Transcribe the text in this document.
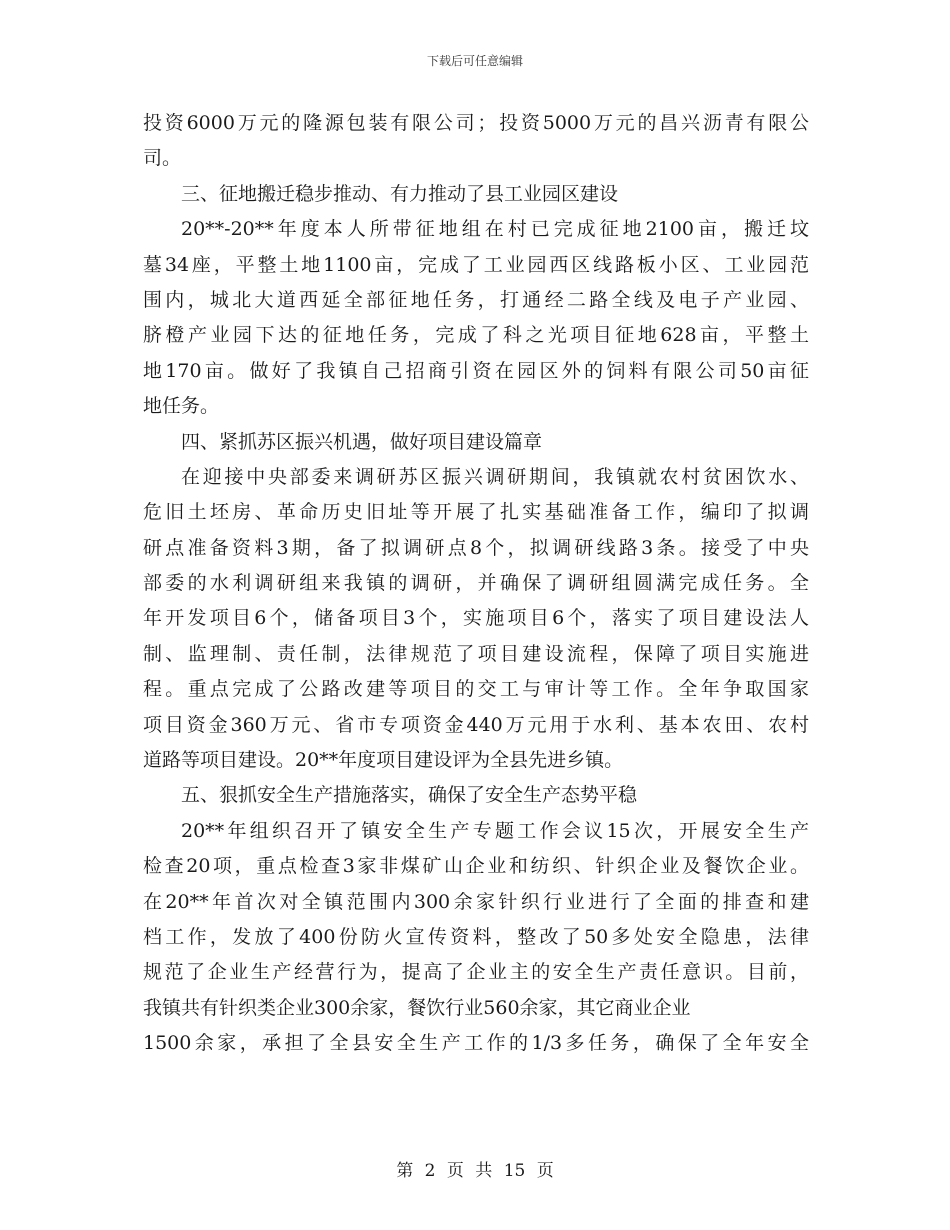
下载后可任意编辑
投资6000万元的隆源包装有限公司；投资5000万元的昌兴沥青有限公
司。
三、征地搬迁稳步推动、有力推动了县工业园区建设
20**-20**年度本人所带征地组在村已完成征地2100亩，搬迁坟
墓34座，平整土地1100亩，完成了工业园西区线路板小区、工业园范
围内，城北大道西延全部征地任务，打通经二路全线及电子产业园、
脐橙产业园下达的征地任务，完成了科之光项目征地628亩，平整土
地170亩。做好了我镇自己招商引资在园区外的饲料有限公司50亩征
地任务。
四、紧抓苏区振兴机遇，做好项目建设篇章
在迎接中央部委来调研苏区振兴调研期间，我镇就农村贫困饮水、
危旧土坯房、革命历史旧址等开展了扎实基础准备工作，编印了拟调
研点准备资料3期，备了拟调研点8个，拟调研线路3条。接受了中央
部委的水利调研组来我镇的调研，并确保了调研组圆满完成任务。全
年开发项目6个，储备项目3个，实施项目6个，落实了项目建设法人
制、监理制、责任制，法律规范了项目建设流程，保障了项目实施进
程。重点完成了公路改建等项目的交工与审计等工作。全年争取国家
项目资金360万元、省市专项资金440万元用于水利、基本农田、农村
道路等项目建设。20**年度项目建设评为全县先进乡镇。
五、狠抓安全生产措施落实，确保了安全生产态势平稳
20**年组织召开了镇安全生产专题工作会议15次，开展安全生产
检查20项，重点检查3家非煤矿山企业和纺织、针织企业及餐饮企业。
在20**年首次对全镇范围内300余家针织行业进行了全面的排查和建
档工作，发放了400份防火宣传资料，整改了50多处安全隐患，法律
规范了企业生产经营行为，提高了企业主的安全生产责任意识。目前，
我镇共有针织类企业300余家，餐饮行业560余家，其它商业企业
1500余家，承担了全县安全生产工作的1/3多任务，确保了全年安全
第 2 页 共 15 页
